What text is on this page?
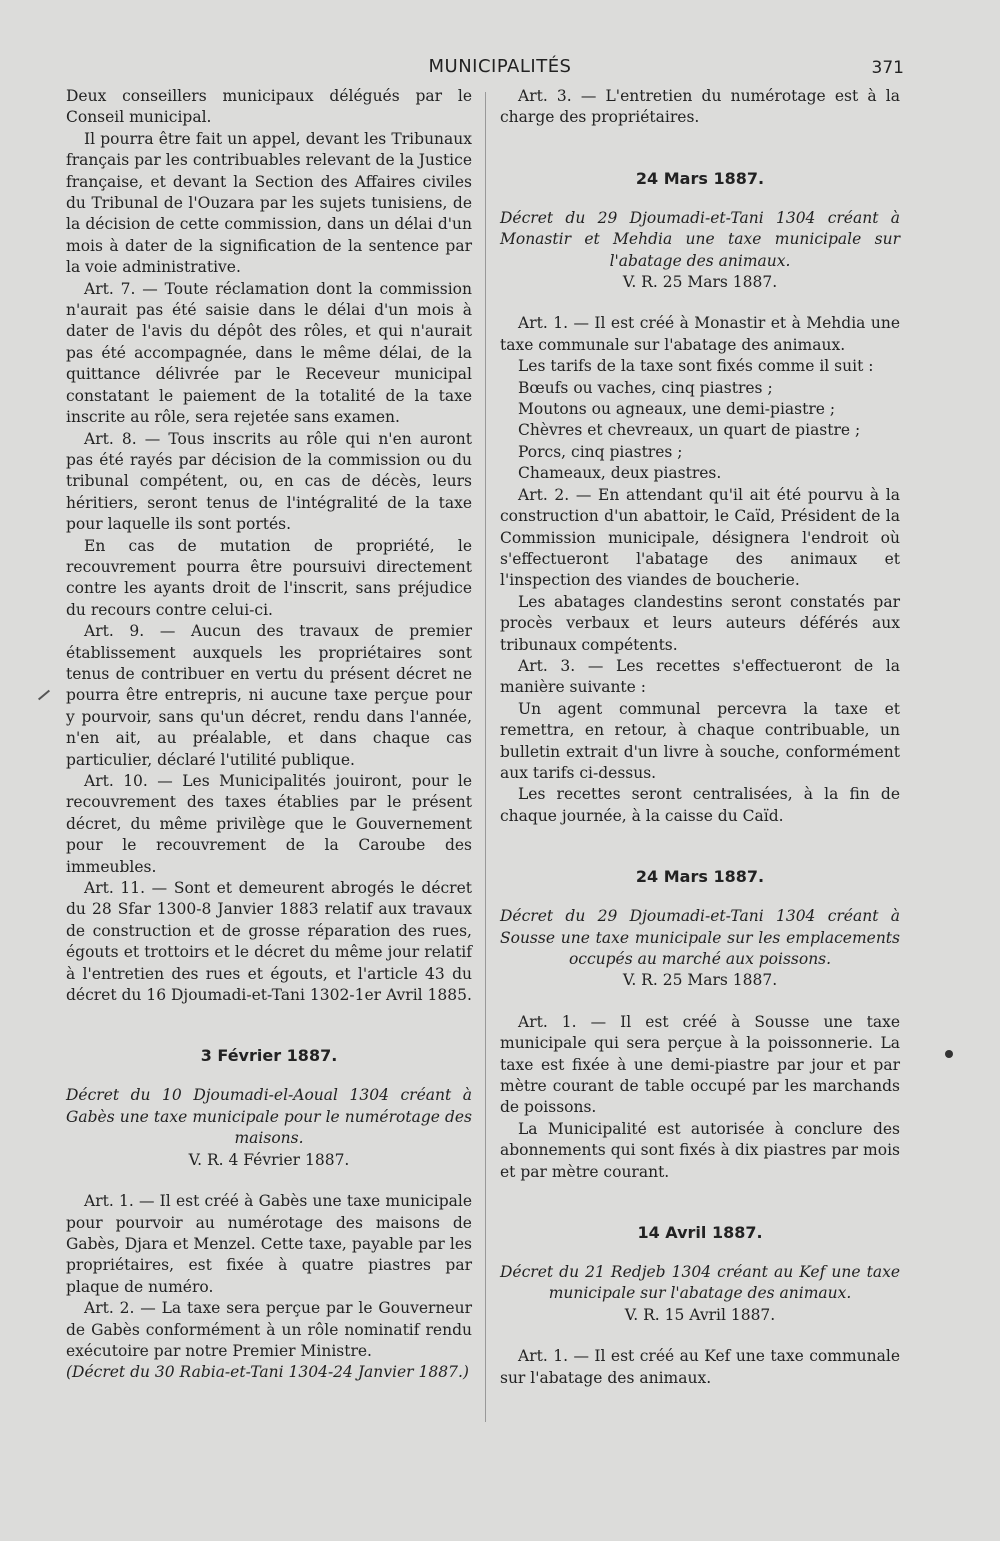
MUNICIPALITÉS	371

Deux conseillers municipaux délégués par le Conseil municipal.

Il pourra être fait un appel, devant les Tribunaux français par les contribuables relevant de la Justice française, et devant la Section des Affaires civiles du Tribunal de l'Ouzara par les sujets tunisiens, de la décision de cette commission, dans un délai d'un mois à dater de la signification de la sentence par la voie administrative.

Art. 7. — Toute réclamation dont la commission n'aurait pas été saisie dans le délai d'un mois à dater de l'avis du dépôt des rôles, et qui n'aurait pas été accompagnée, dans le même délai, de la quittance délivrée par le Receveur municipal constatant le paiement de la totalité de la taxe inscrite au rôle, sera rejetée sans examen.

Art. 8. — Tous inscrits au rôle qui n'en auront pas été rayés par décision de la commission ou du tribunal compétent, ou, en cas de décès, leurs héritiers, seront tenus de l'intégralité de la taxe pour laquelle ils sont portés.

En cas de mutation de propriété, le recouvrement pourra être poursuivi directement contre les ayants droit de l'inscrit, sans préjudice du recours contre celui-ci.

Art. 9. — Aucun des travaux de premier établissement auxquels les propriétaires sont tenus de contribuer en vertu du présent décret ne pourra être entrepris, ni aucune taxe perçue pour y pourvoir, sans qu'un décret, rendu dans l'année, n'en ait, au préalable, et dans chaque cas particulier, déclaré l'utilité publique.

Art. 10. — Les Municipalités jouiront, pour le recouvrement des taxes établies par le présent décret, du même privilège que le Gouvernement pour le recouvrement de la Caroube des immeubles.

Art. 11. — Sont et demeurent abrogés le décret du 28 Sfar 1300-8 Janvier 1883 relatif aux travaux de construction et de grosse réparation des rues, égouts et trottoirs et le décret du même jour relatif à l'entretien des rues et égouts, et l'article 43 du décret du 16 Djoumadi-et-Tani 1302-1er Avril 1885.

3 Février 1887.

Décret du 10 Djoumadi-el-Aoual 1304 créant à Gabès une taxe municipale pour le numérotage des maisons.

V. R. 4 Février 1887.

Art. 1. — Il est créé à Gabès une taxe municipale pour pourvoir au numérotage des maisons de Gabès, Djara et Menzel. Cette taxe, payable par les propriétaires, est fixée à quatre piastres par plaque de numéro.

Art. 2. — La taxe sera perçue par le Gouverneur de Gabès conformément à un rôle nominatif rendu exécutoire par notre Premier Ministre.

(Décret du 30 Rabia-et-Tani 1304-24 Janvier 1887.)

Art. 3. — L'entretien du numérotage est à la charge des propriétaires.

24 Mars 1887.

Décret du 29 Djoumadi-et-Tani 1304 créant à Monastir et Mehdia une taxe municipale sur l'abatage des animaux.

V. R. 25 Mars 1887.

Art. 1. — Il est créé à Monastir et à Mehdia une taxe communale sur l'abatage des animaux.

Les tarifs de la taxe sont fixés comme il suit :

Bœufs ou vaches, cinq piastres ;

Moutons ou agneaux, une demi-piastre ;

Chèvres et chevreaux, un quart de piastre ;

Porcs, cinq piastres ;

Chameaux, deux piastres.

Art. 2. — En attendant qu'il ait été pourvu à la construction d'un abattoir, le Caïd, Président de la Commission municipale, désignera l'endroit où s'effectueront l'abatage des animaux et l'inspection des viandes de boucherie.

Les abatages clandestins seront constatés par procès verbaux et leurs auteurs déférés aux tribunaux compétents.

Art. 3. — Les recettes s'effectueront de la manière suivante :

Un agent communal percevra la taxe et remettra, en retour, à chaque contribuable, un bulletin extrait d'un livre à souche, conformément aux tarifs ci-dessus.

Les recettes seront centralisées, à la fin de chaque journée, à la caisse du Caïd.

24 Mars 1887.

Décret du 29 Djoumadi-et-Tani 1304 créant à Sousse une taxe municipale sur les emplacements occupés au marché aux poissons.

V. R. 25 Mars 1887.

Art. 1. — Il est créé à Sousse une taxe municipale qui sera perçue à la poissonnerie. La taxe est fixée à une demi-piastre par jour et par mètre courant de table occupé par les marchands de poissons.

La Municipalité est autorisée à conclure des abonnements qui sont fixés à dix piastres par mois et par mètre courant.

14 Avril 1887.

Décret du 21 Redjeb 1304 créant au Kef une taxe municipale sur l'abatage des animaux.

V. R. 15 Avril 1887.

Art. 1. — Il est créé au Kef une taxe communale sur l'abatage des animaux.
